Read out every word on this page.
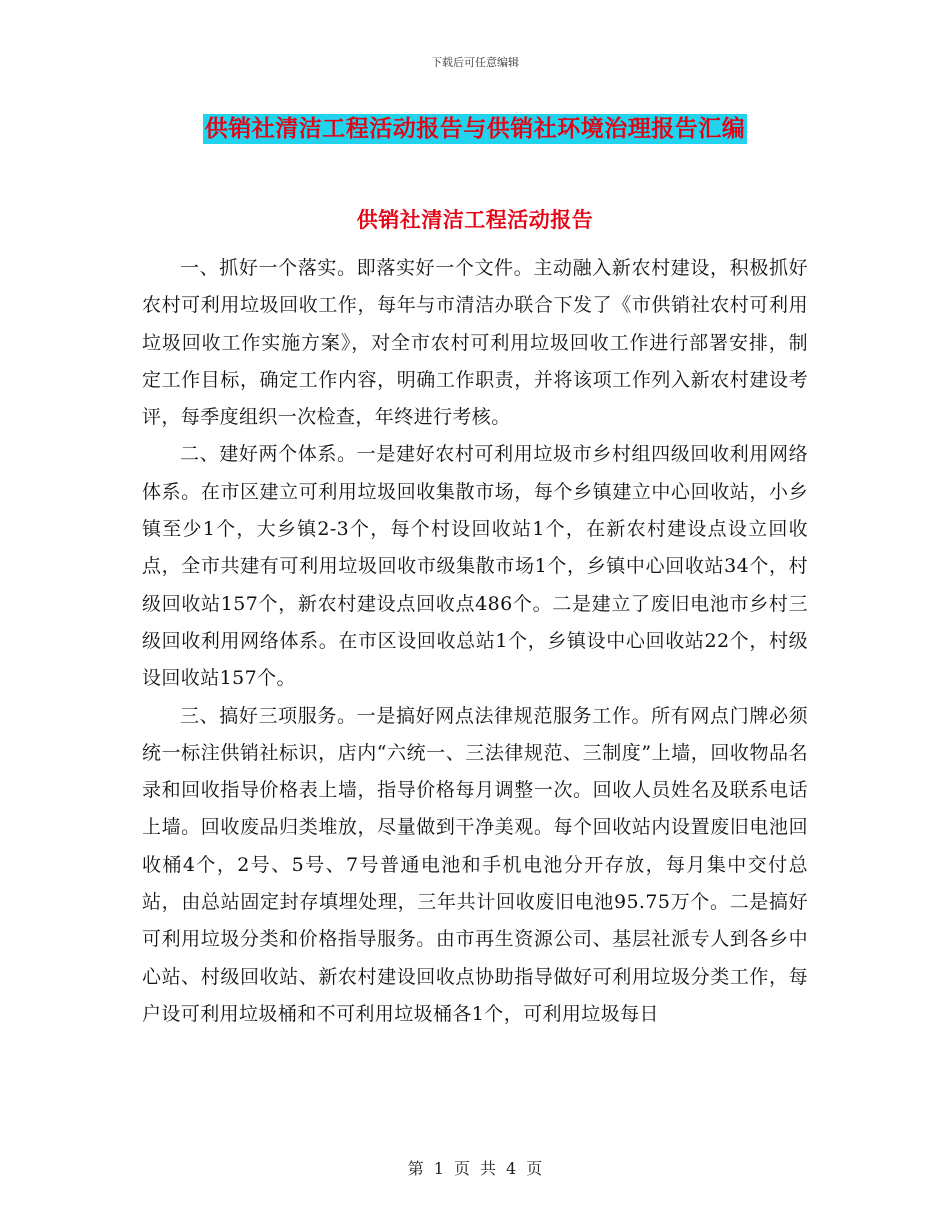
下载后可任意编辑
供销社清洁工程活动报告与供销社环境治理报告汇编
供销社清洁工程活动报告

一、抓好一个落实。即落实好一个文件。主动融入新农村建设，积极抓好农村可利用垃圾回收工作，每年与市清洁办联合下发了《市供销社农村可利用垃圾回收工作实施方案》，对全市农村可利用垃圾回收工作进行部署安排，制定工作目标，确定工作内容，明确工作职责，并将该项工作列入新农村建设考评，每季度组织一次检查，年终进行考核。

二、建好两个体系。一是建好农村可利用垃圾市乡村组四级回收利用网络体系。在市区建立可利用垃圾回收集散市场，每个乡镇建立中心回收站，小乡镇至少1个，大乡镇2-3个，每个村设回收站1个，在新农村建设点设立回收点，全市共建有可利用垃圾回收市级集散市场1个，乡镇中心回收站34个，村级回收站157个，新农村建设点回收点486个。二是建立了废旧电池市乡村三级回收利用网络体系。在市区设回收总站1个，乡镇设中心回收站22个，村级设回收站157个。

三、搞好三项服务。一是搞好网点法律规范服务工作。所有网点门牌必须统一标注供销社标识，店内“六统一、三法律规范、三制度”上墙，回收物品名录和回收指导价格表上墙，指导价格每月调整一次。回收人员姓名及联系电话上墙。回收废品归类堆放，尽量做到干净美观。每个回收站内设置废旧电池回收桶4个，2号、5号、7号普通电池和手机电池分开存放，每月集中交付总站，由总站固定封存填埋处理，三年共计回收废旧电池95.75万个。二是搞好可利用垃圾分类和价格指导服务。由市再生资源公司、基层社派专人到各乡中心站、村级回收站、新农村建设回收点协助指导做好可利用垃圾分类工作，每户设可利用垃圾桶和不可利用垃圾桶各1个，可利用垃圾每日

第 1 页 共 4 页
